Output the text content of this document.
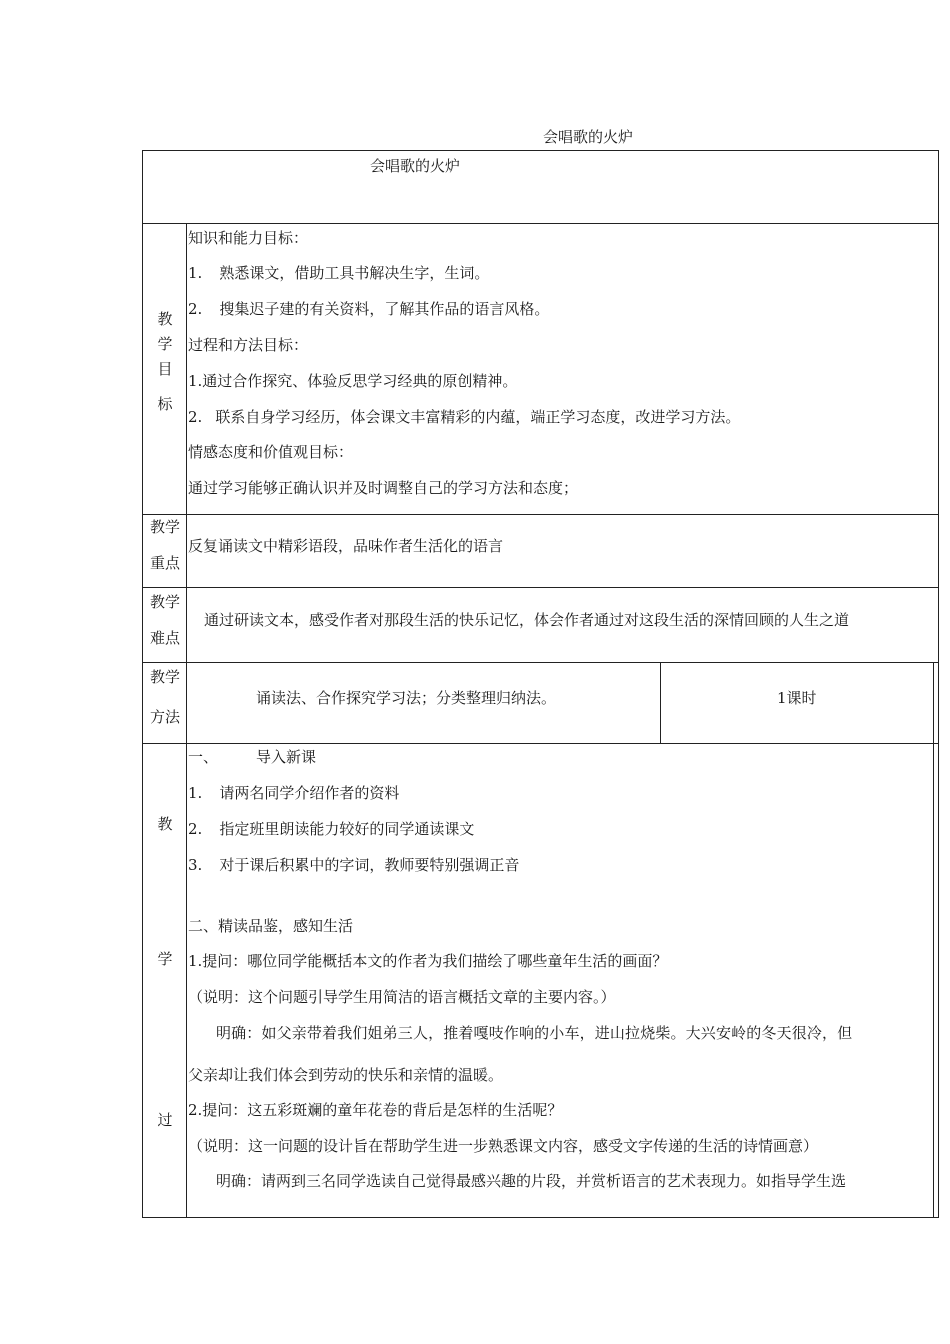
会唱歌的火炉
会唱歌的火炉
教
学
目
标
知识和能力目标：
1. 熟悉课文，借助工具书解决生字，生词。
2. 搜集迟子建的有关资料，了解其作品的语言风格。
过程和方法目标：
1.通过合作探究、体验反思学习经典的原创精神。
2. 联系自身学习经历，体会课文丰富精彩的内蕴，端正学习态度，改进学习方法。
情感态度和价值观目标：
通过学习能够正确认识并及时调整自己的学习方法和态度；
教学
重点
反复诵读文中精彩语段，品味作者生活化的语言
教学
难点
通过研读文本，感受作者对那段生活的快乐记忆，体会作者通过对这段生活的深情回顾的人生之道
教学
方法
诵读法、合作探究学习法；分类整理归纳法。	1课时
教
学
过
一、	导入新课
1. 请两名同学介绍作者的资料
2. 指定班里朗读能力较好的同学通读课文
3. 对于课后积累中的字词，教师要特别强调正音
二、精读品鉴，感知生活
1.提问：哪位同学能概括本文的作者为我们描绘了哪些童年生活的画面？
（说明：这个问题引导学生用简洁的语言概括文章的主要内容。）
明确：如父亲带着我们姐弟三人，推着嘎吱作响的小车，进山拉烧柴。大兴安岭的冬天很冷，但
父亲却让我们体会到劳动的快乐和亲情的温暖。
2.提问：这五彩斑斓的童年花卷的背后是怎样的生活呢？
（说明：这一问题的设计旨在帮助学生进一步熟悉课文内容，感受文字传递的生活的诗情画意）
明确：请两到三名同学选读自己觉得最感兴趣的片段，并赏析语言的艺术表现力。如指导学生选
